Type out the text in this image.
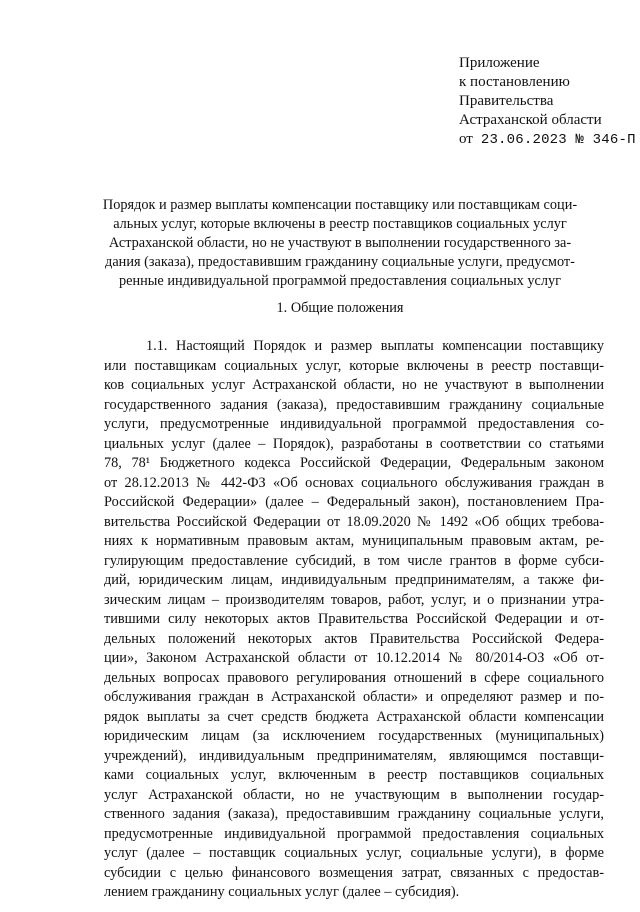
Приложение
к постановлению
Правительства
Астраханской области
от 23.06.2023 № 346-П
Порядок и размер выплаты компенсации поставщику или поставщикам соци-
альных услуг, которые включены в реестр поставщиков социальных услуг
Астраханской области, но не участвуют в выполнении государственного за-
дания (заказа), предоставившим гражданину социальные услуги, предусмот-
ренные индивидуальной программой предоставления социальных услуг
1. Общие положения
1.1. Настоящий Порядок и размер выплаты компенсации поставщику
или поставщикам социальных услуг, которые включены в реестр поставщи-
ков социальных услуг Астраханской области, но не участвуют в выполнении
государственного задания (заказа), предоставившим гражданину социальные
услуги, предусмотренные индивидуальной программой предоставления со-
циальных услуг (далее – Порядок), разработаны в соответствии со статьями
78, 78¹ Бюджетного кодекса Российской Федерации, Федеральным законом
от 28.12.2013 № 442-ФЗ «Об основах социального обслуживания граждан в
Российской Федерации» (далее – Федеральный закон), постановлением Пра-
вительства Российской Федерации от 18.09.2020 № 1492 «Об общих требова-
ниях к нормативным правовым актам, муниципальным правовым актам, ре-
гулирующим предоставление субсидий, в том числе грантов в форме субси-
дий, юридическим лицам, индивидуальным предпринимателям, а также фи-
зическим лицам – производителям товаров, работ, услуг, и о признании утра-
тившими силу некоторых актов Правительства Российской Федерации и от-
дельных положений некоторых актов Правительства Российской Федера-
ции», Законом Астраханской области от 10.12.2014 № 80/2014-ОЗ «Об от-
дельных вопросах правового регулирования отношений в сфере социального
обслуживания граждан в Астраханской области» и определяют размер и по-
рядок выплаты за счет средств бюджета Астраханской области компенсации
юридическим лицам (за исключением государственных (муниципальных)
учреждений), индивидуальным предпринимателям, являющимся поставщи-
ками социальных услуг, включенным в реестр поставщиков социальных
услуг Астраханской области, но не участвующим в выполнении государ-
ственного задания (заказа), предоставившим гражданину социальные услуги,
предусмотренные индивидуальной программой предоставления социальных
услуг (далее – поставщик социальных услуг, социальные услуги), в форме
субсидии с целью финансового возмещения затрат, связанных с предостав-
лением гражданину социальных услуг (далее – субсидия).
